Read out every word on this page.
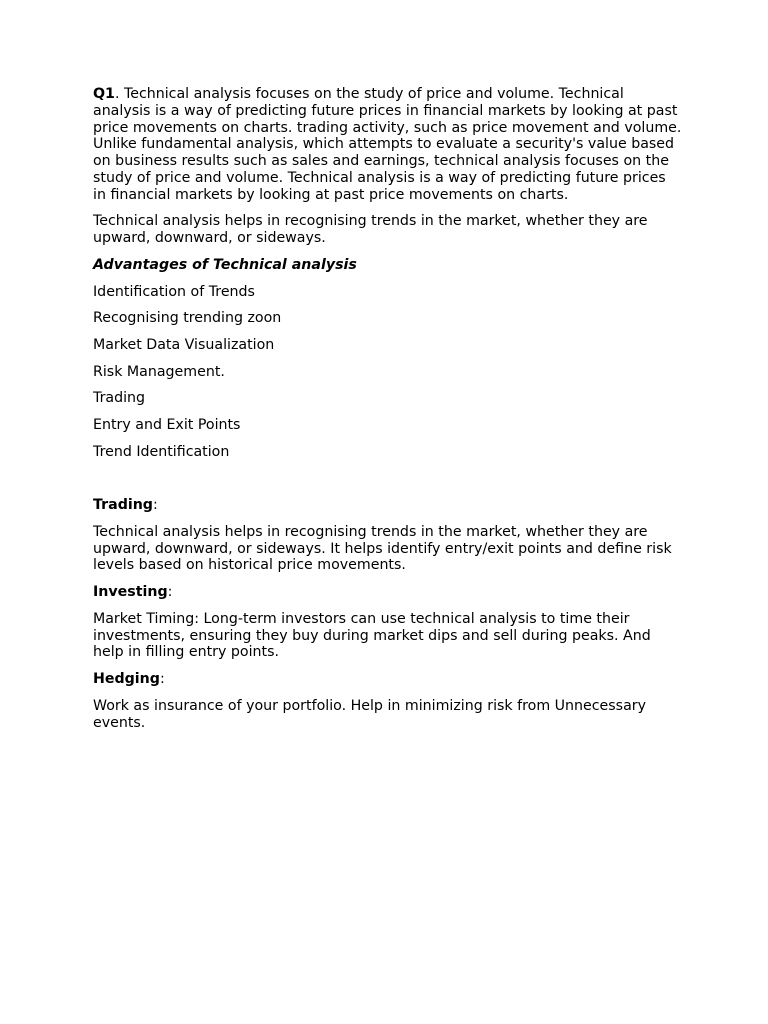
Q1. Technical analysis focuses on the study of price and volume. Technical analysis is a way of predicting future prices in financial markets by looking at past price movements on charts. trading activity, such as price movement and volume. Unlike fundamental analysis, which attempts to evaluate a security's value based on business results such as sales and earnings, technical analysis focuses on the study of price and volume. Technical analysis is a way of predicting future prices in financial markets by looking at past price movements on charts.

Technical analysis helps in recognising trends in the market, whether they are upward, downward, or sideways.

Advantages of Technical analysis

Identification of Trends

Recognising trending zoon

Market Data Visualization

Risk Management.

Trading

Entry and Exit Points

Trend Identification

Trading:

Technical analysis helps in recognising trends in the market, whether they are upward, downward, or sideways. It helps identify entry/exit points and define risk levels based on historical price movements.

Investing:

Market Timing: Long-term investors can use technical analysis to time their investments, ensuring they buy during market dips and sell during peaks. And help in filling entry points.

Hedging:

Work as insurance of your portfolio. Help in minimizing risk from Unnecessary events.
